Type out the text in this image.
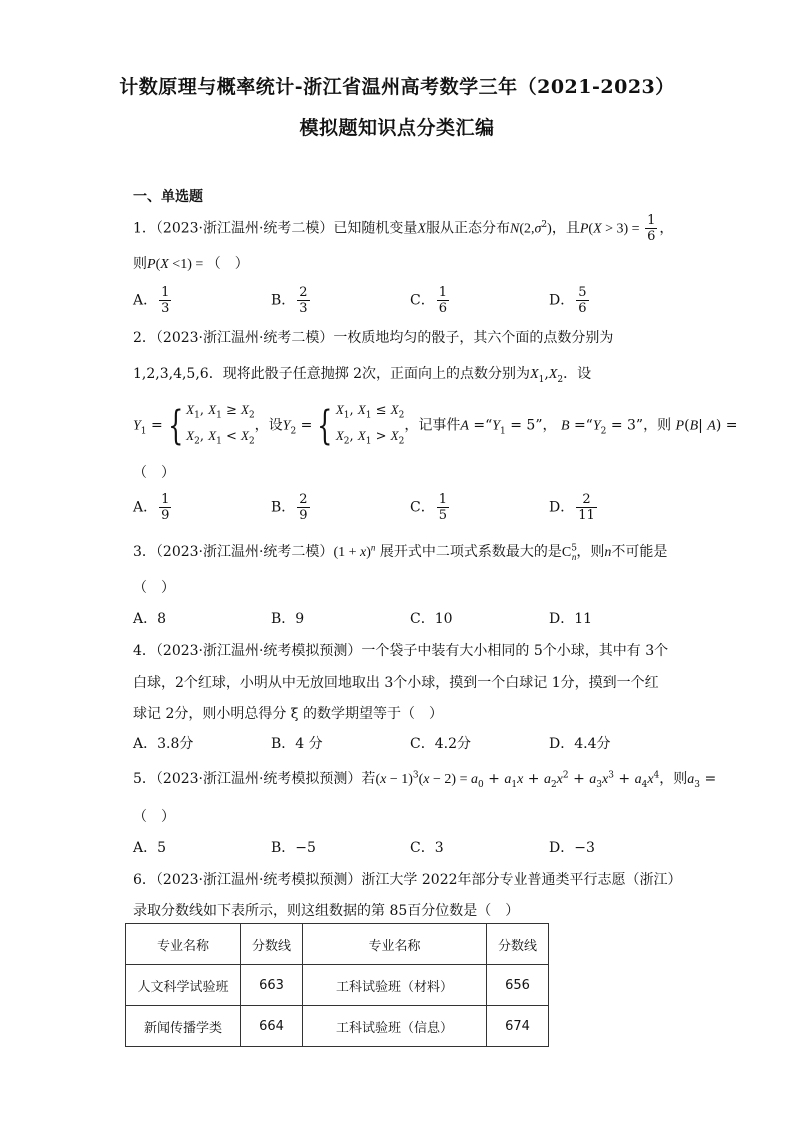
计数原理与概率统计-浙江省温州高考数学三年（2021-2023）
模拟题知识点分类汇编
一、单选题
1．（2023·浙江温州·统考二模）已知随机变量X服从正态分布$N(2,\sigma^2)$，且$P(X > 3) = \frac{1}{6}$ ，
则P(X <1) = （　）
A． $\frac{1}{3}$	B． $\frac{2}{3}$	C． $\frac{1}{6}$	D． $\frac{5}{6}$
2．（2023·浙江温州·统考二模）一枚质地均匀的骰子，其六个面的点数分别为
1,2,3,4,5,6．现将此骰子任意抛掷 2次，正面向上的点数分别为$X_1,X_2$．设
$Y_1$ = { $X_1$, $X_1 \ge X_2$
$X_2$, $X_1 < X_2$
，设$Y_2$ = { $X_1$, $X_1 \le X_2$
$X_2$, $X_1 > X_2$
，记事件$A =“Y_1 = 5$”， $B =“Y_2 = 3$”，则 P(B| A) =
（　）
A． $\frac{1}{9}$	B． $\frac{2}{9}$	C． $\frac{1}{5}$	D． $\frac{2}{11}$
3．（2023·浙江温州·统考二模）$(1 + x)^n$ 展开式中二项式系数最大的是$C^5_n$，则n不可能是
（　）
A．8	B．9	C．10	D．11
4．（2023·浙江温州·统考模拟预测）一个袋子中装有大小相同的 5个小球，其中有 3个
白球，2个红球，小明从中无放回地取出 3个小球，摸到一个白球记 1分，摸到一个红
球记 2分，则小明总得分 ξ 的数学期望等于（　）
A．3.8分	B．4 分	C．4.2分	D．4.4分
5．（2023·浙江温州·统考模拟预测）若$(x - 1)^3(x - 2) = a_0 + a_1x + a_2x^2 + a_3x^3 + a_4x^4$，则$a_3$ =
（　）
A．5	B．−5	C．3	D．−3
6．（2023·浙江温州·统考模拟预测）浙江大学 2022年部分专业普通类平行志愿（浙江）
录取分数线如下表所示，则这组数据的第 85百分位数是（　）
专业名称	分数线	专业名称	分数线
人文科学试验班	663	工科试验班（材料）	656
新闻传播学类	664	工科试验班（信息）	674
